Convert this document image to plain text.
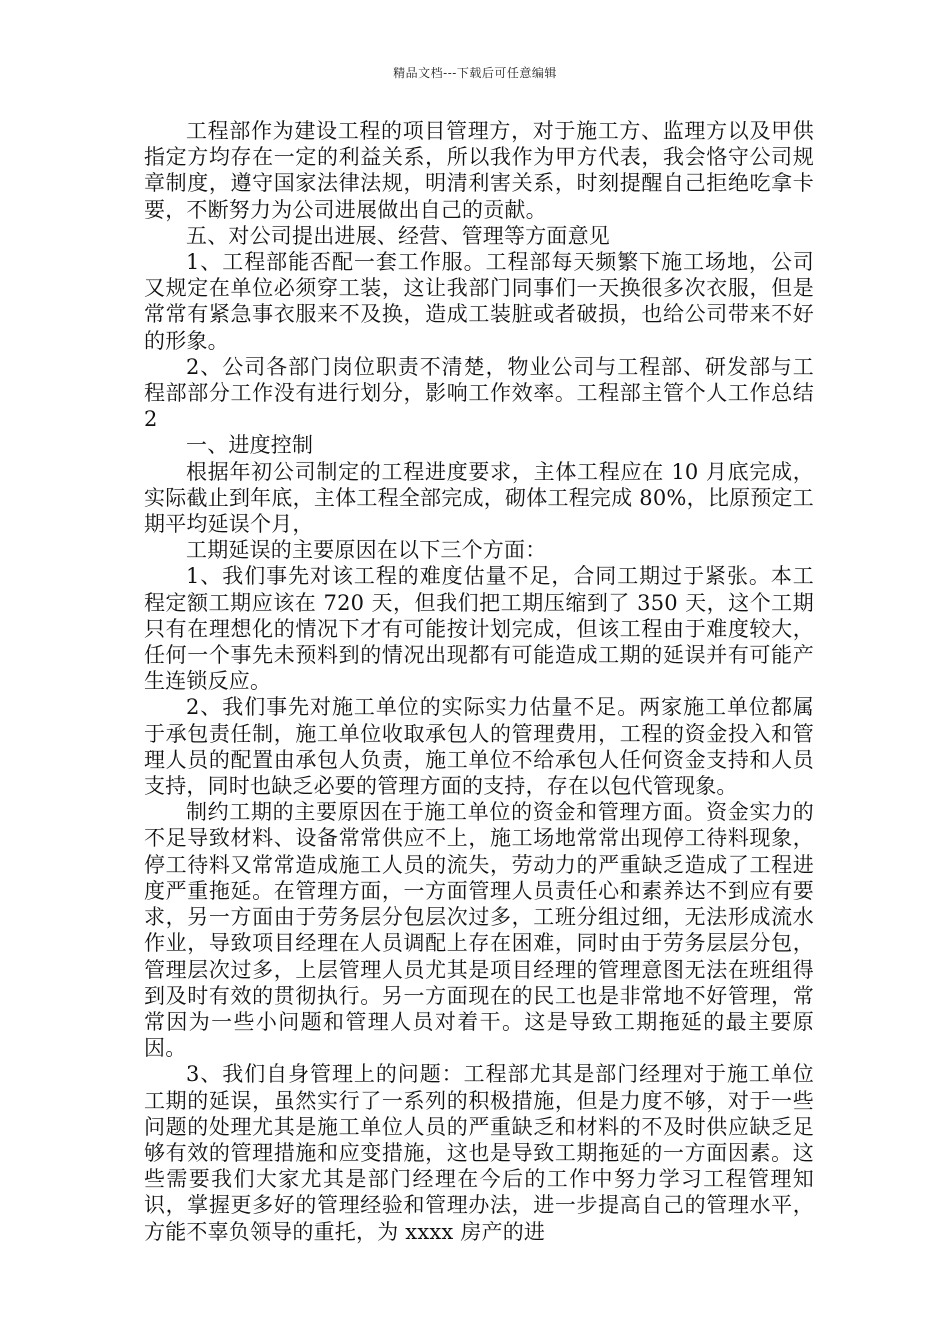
精品文档---下载后可任意编辑

工程部作为建设工程的项目管理方，对于施工方、监理方以及甲供指定方均存在一定的利益关系，所以我作为甲方代表，我会恪守公司规章制度，遵守国家法律法规，明清利害关系，时刻提醒自己拒绝吃拿卡要，不断努力为公司进展做出自己的贡献。

五、对公司提出进展、经营、管理等方面意见

1、工程部能否配一套工作服。工程部每天频繁下施工场地，公司又规定在单位必须穿工装，这让我部门同事们一天换很多次衣服，但是常常有紧急事衣服来不及换，造成工装脏或者破损，也给公司带来不好的形象。

2、公司各部门岗位职责不清楚，物业公司与工程部、研发部与工程部部分工作没有进行划分，影响工作效率。工程部主管个人工作总结 2

一、进度控制

根据年初公司制定的工程进度要求，主体工程应在 10 月底完成，实际截止到年底，主体工程全部完成，砌体工程完成 80%，比原预定工期平均延误个月，

工期延误的主要原因在以下三个方面：

1、我们事先对该工程的难度估量不足，合同工期过于紧张。本工程定额工期应该在 720 天，但我们把工期压缩到了 350 天，这个工期只有在理想化的情况下才有可能按计划完成，但该工程由于难度较大，任何一个事先未预料到的情况出现都有可能造成工期的延误并有可能产生连锁反应。

2、我们事先对施工单位的实际实力估量不足。两家施工单位都属于承包责任制，施工单位收取承包人的管理费用，工程的资金投入和管理人员的配置由承包人负责，施工单位不给承包人任何资金支持和人员支持，同时也缺乏必要的管理方面的支持，存在以包代管现象。

制约工期的主要原因在于施工单位的资金和管理方面。资金实力的不足导致材料、设备常常供应不上，施工场地常常出现停工待料现象，停工待料又常常造成施工人员的流失，劳动力的严重缺乏造成了工程进度严重拖延。在管理方面，一方面管理人员责任心和素养达不到应有要求，另一方面由于劳务层分包层次过多，工班分组过细，无法形成流水作业，导致项目经理在人员调配上存在困难，同时由于劳务层层分包，管理层次过多，上层管理人员尤其是项目经理的管理意图无法在班组得到及时有效的贯彻执行。另一方面现在的民工也是非常地不好管理，常常因为一些小问题和管理人员对着干。这是导致工期拖延的最主要原因。

3、我们自身管理上的问题：工程部尤其是部门经理对于施工单位工期的延误，虽然实行了一系列的积极措施，但是力度不够，对于一些问题的处理尤其是施工单位人员的严重缺乏和材料的不及时供应缺乏足够有效的管理措施和应变措施，这也是导致工期拖延的一方面因素。这些需要我们大家尤其是部门经理在今后的工作中努力学习工程管理知识，掌握更多好的管理经验和管理办法，进一步提高自己的管理水平，方能不辜负领导的重托，为 xxxx 房产的进
